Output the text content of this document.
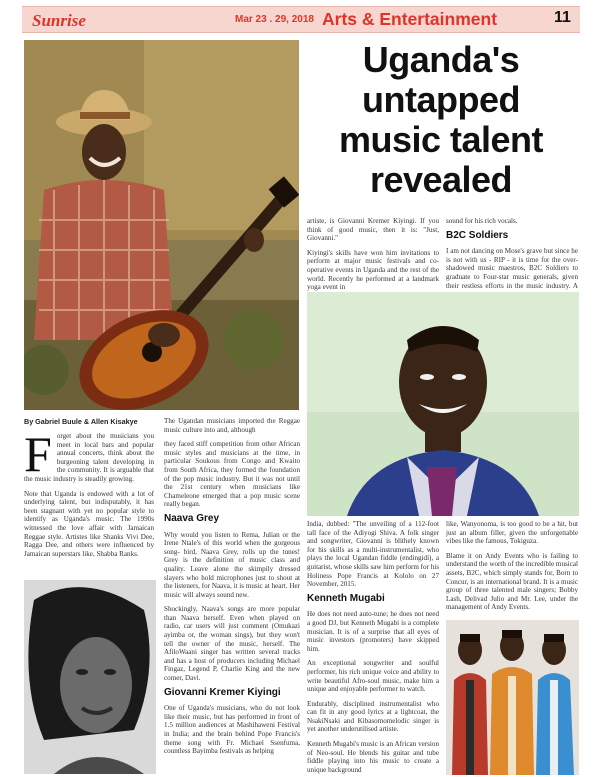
Sunrise	Mar 23 . 29, 2018 Arts & Entertainment	11
Uganda's
untapped
music talent
revealed
By Gabriel Buule & Allen Kisakye

Forget about the musicians you meet in local bars and popular annual concerts, think about the burgeoning talent developing in the community. It is arguable that the music industry is steadily growing.

Note that Uganda is endowed with a lot of underlying talent, but indisputably, it has been stagnant with yet no popular style to identify as Uganda's music. The 1990s witnessed the love affair with Jamaican Reggae style. Artistes like Shanks Vivi Dee, Ragga Dee, and others were influenced by Jamaican superstars like, Shabba Ranks.

The Ugandan musicians imported the Reggae music culture into and, although

they faced stiff competition from other African music styles and musicians at the time, in particular Soukous from Congo and Kwaito from South Africa, they formed the foundation of the pop music industry. But it was not until the 21st century when musicians like Chameleone emerged that a pop music scene really began.

Naava Grey

Why would you listen to Rema, Julian or the Irene Ntale's of this world when the gorgeous song- bird, Naava Grey, rolls up the tunes! Grey is the definition of music class and quality. Leave alone the skimpily dressed slayers who hold microphones just to shout at the listeners, for Naava, it is music at heart. Her music will always sound new.

Shockingly, Naava's songs are more popular than Naava herself. Even when played on radio, car users will just comment (Omukazi ayimba or, the woman sings), but they won't tell the owner of the music, herself. The AfiloWaani singer has written several tracks and has a host of producers including Michael Fingaz, Legend P, Charlie King and the new comer, Davi.

Giovanni Kremer Kiyingi

One of Uganda's musicians, who do not look like their music, but has performed in front of 1.5 million audiences at Mashihaweni Festival in India; and the brain behind Pope Francis's theme song with Fr. Michael Ssenfuma, countless Bayimba festivals as helping

artiste, is Giovanni Kremer Kiyingi. If you think of good music, then it is: "Just, Giovanni."

Kiyingi's skills have won him invitations to perform at major music festivals and co-operative events in Uganda and the rest of the world. Recently he performed at a landmark yoga event in

sound for his rich vocals.

B2C Soldiers

I am not dancing on Mose's grave but since he is not with us - RIP - it is time for the over-shadowed music maestros, B2C Soldiers to graduate to Four-star music generals, given their restless efforts in the music industry. A

India, dubbed: "The unveiling of a 112-foot tall face of the Adiyogi Shiva. A folk singer and songwriter, Giovanni is blithely known for his skills as a multi-instrumentalist, who plays the local Ugandan fiddle (endingidi), a guitarist, whose skills saw him perform for his Holiness Pope Francis at Kololo on 27 November, 2015.

Kenneth Mugabi

He does not need auto-tune; he does not need a good DJ, but Kenneth Mugabi is a complete musician. It is of a surprise that all eyes of music investors (promoters) have skipped him.

An exceptional songwriter and soulful performer, his rich unique voice and ability to write beautiful Afro-soul music, make him a unique and enjoyable performer to watch.

Endurably, disciplined instrumentalist who can fit in any good lyrics at a lightcoat, the NsakiNsaki and Kibasomomelodic singer is yet another underutilised artiste.

Kenneth Mugabi's music is an African version of Neo-soul. He blends his guitar and tube fiddle playing into his music to create a unique background

like, Wanyonoma, is too good to be a hit, but just an album filler, given the unforgettable vibes like the famous, Tokiguza.

Blame it on Andy Events who is failing to understand the worth of the incredible musical assets, B2C, which simply stands for, Born to Concur, is an international brand. It is a music group of three talented male singers; Bobby Lash, Delivad Julio and Mr. Lee, under the management of Andy Events.
